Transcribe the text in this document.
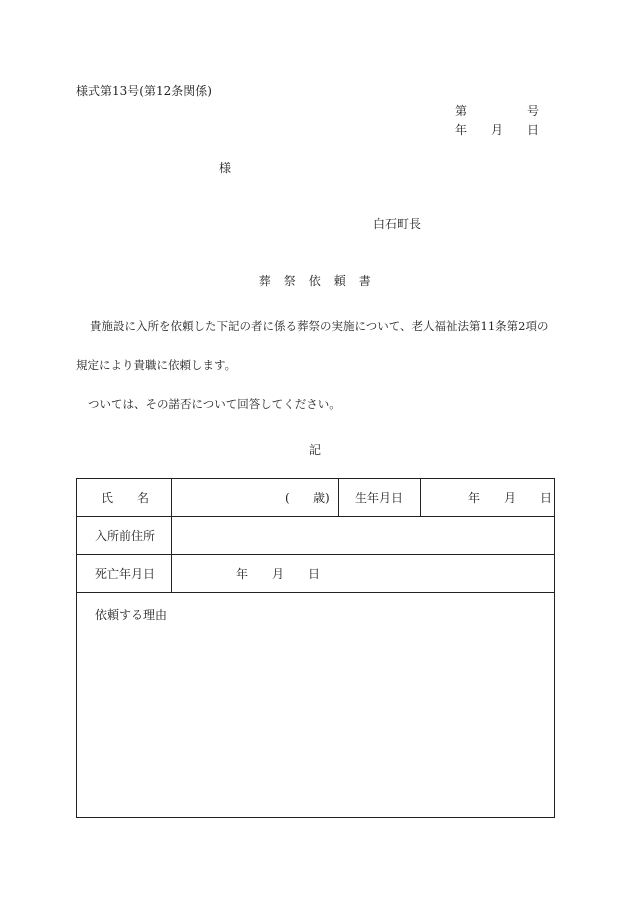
様式第13号(第12条関係)
第	号
年 月 日
様
白石町長
葬　祭　依　頼　書
貴施設に入所を依頼した下記の者に係る葬祭の実施について、老人福祉法第11条第2項の
規定により貴職に依頼します。
ついては、その諾否について回答してください。
記
氏　　名	( 歳) 生年月日	年 月 日
入所前住所
死亡年月日	年 月 日
依頼する理由
